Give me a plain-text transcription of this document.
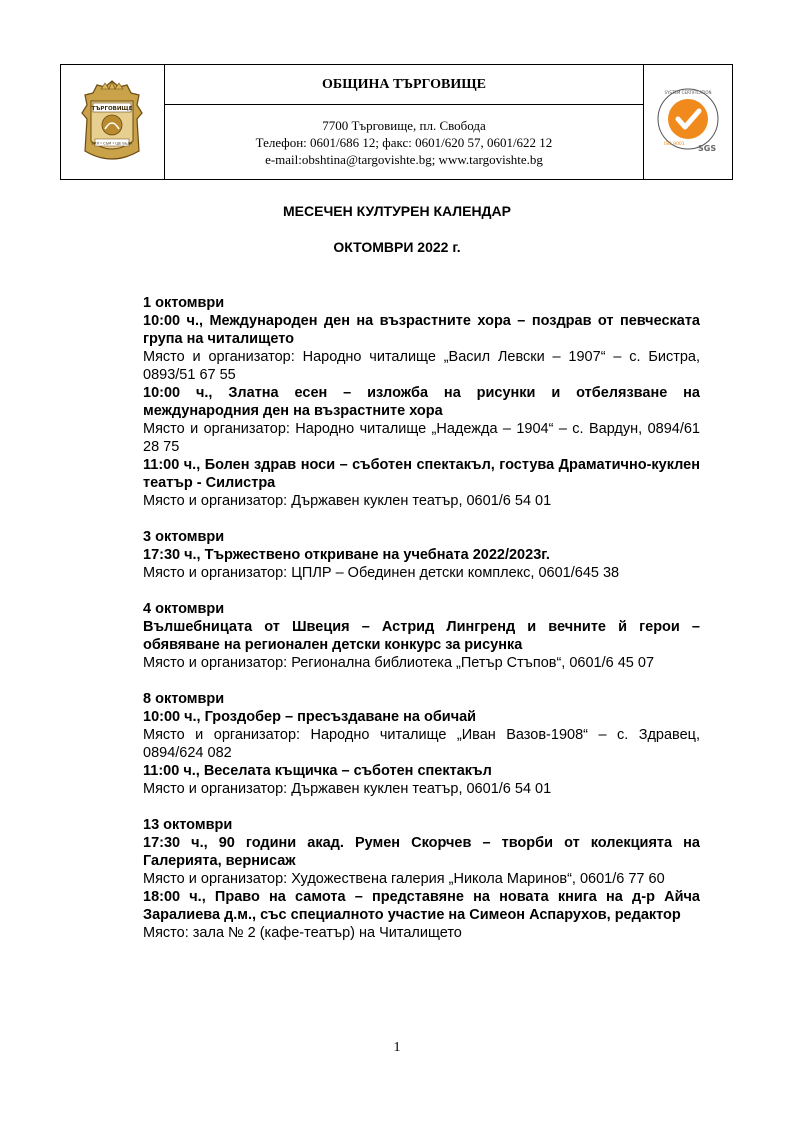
ТЪРГОВИЩЕ
БИЛ • СЪМ • ЩЕ БЪДА
ОБЩИНА ТЪРГОВИЩЕ
7700 Търговище, пл. Свобода
Телефон: 0601/686 12; факс: 0601/620 57, 0601/622 12
e-mail:obshtina@targovishte.bg; www.targovishte.bg
SYSTEM CERTIFICATION
ISO 9001 SGS
МЕСЕЧЕН КУЛТУРЕН КАЛЕНДАР
ОКТОМВРИ 2022 г.
1 октомври
10:00 ч., Международен ден на възрастните хора – поздрав от певческата група на читалището
Място и организатор: Народно читалище „Васил Левски – 1907“ – с. Бистра, 0893/51 67 55
10:00 ч., Златна есен – изложба на рисунки и отбелязване на международния ден на възрастните хора
Място и организатор: Народно читалище „Надежда – 1904“ – с. Вардун, 0894/61 28 75
11:00 ч., Болен здрав носи – съботен спектакъл, гостува Драматично-куклен театър - Силистра
Място и организатор: Държавен куклен театър, 0601/6 54 01
3 октомври
17:30 ч., Тържествено откриване на учебната 2022/2023г.
Място и организатор: ЦПЛР – Обединен детски комплекс, 0601/645 38
4 октомври
Вълшебницата от Швеция – Астрид Лингренд и вечните й герои – обявяване на регионален детски конкурс за рисунка
Място и организатор: Регионална библиотека „Петър Стъпов“, 0601/6 45 07
8 октомври
10:00 ч., Гроздобер – пресъздаване на обичай
Място и организатор: Народно читалище „Иван Вазов-1908“ – с. Здравец, 0894/624 082
11:00 ч., Веселата къщичка – съботен спектакъл
Място и организатор: Държавен куклен театър, 0601/6 54 01
13 октомври
17:30 ч., 90 години акад. Румен Скорчев – творби от колекцията на Галерията, вернисаж
Място и организатор: Художествена галерия „Никола Маринов“, 0601/6 77 60
18:00 ч., Право на самота – представяне на новата книга на д-р Айча Заралиева д.м., със специалното участие на Симеон Аспарухов, редактор
Място: зала № 2 (кафе-театър) на Читалището
1
